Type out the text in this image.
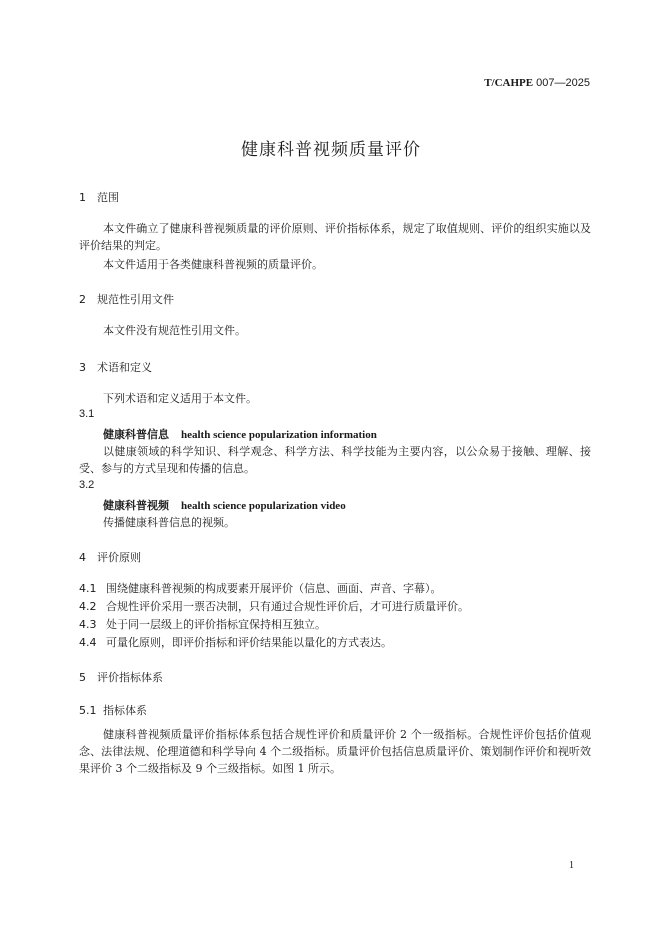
T/CAHPE 007—2025
健康科普视频质量评价
1 范围
本文件确立了健康科普视频质量的评价原则、评价指标体系，规定了取值规则、评价的组织实施以及评价结果的判定。
本文件适用于各类健康科普视频的质量评价。
2 规范性引用文件
本文件没有规范性引用文件。
3 术语和定义
下列术语和定义适用于本文件。
3.1
健康科普信息 health science popularization information
以健康领域的科学知识、科学观念、科学方法、科学技能为主要内容，以公众易于接触、理解、接受、参与的方式呈现和传播的信息。
3.2
健康科普视频 health science popularization video
传播健康科普信息的视频。
4 评价原则
4.1 围绕健康科普视频的构成要素开展评价（信息、画面、声音、字幕）。
4.2 合规性评价采用一票否决制，只有通过合规性评价后，才可进行质量评价。
4.3 处于同一层级上的评价指标宜保持相互独立。
4.4 可量化原则，即评价指标和评价结果能以量化的方式表达。
5 评价指标体系
5.1 指标体系
健康科普视频质量评价指标体系包括合规性评价和质量评价 2 个一级指标。合规性评价包括价值观念、法律法规、伦理道德和科学导向 4 个二级指标。质量评价包括信息质量评价、策划制作评价和视听效果评价 3 个二级指标及 9 个三级指标。如图 1 所示。
1
